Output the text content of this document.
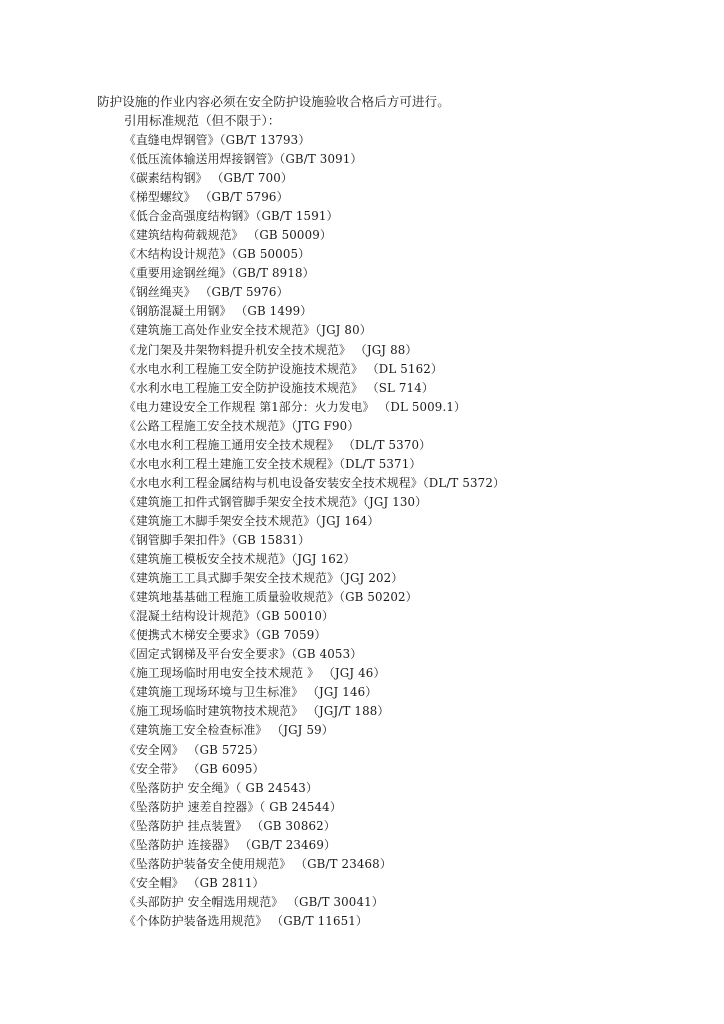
防护设施的作业内容必须在安全防护设施验收合格后方可进行。
引用标准规范（但不限于）：
《直缝电焊钢管》（GB/T 13793）
《低压流体输送用焊接钢管》（GB/T 3091）
《碳素结构钢》 （GB/T 700）
《梯型螺纹》 （GB/T 5796）
《低合金高强度结构钢》（GB/T 1591）
《建筑结构荷载规范》 （GB 50009）
《木结构设计规范》（GB 50005）
《重要用途钢丝绳》（GB/T 8918）
《钢丝绳夹》 （GB/T 5976）
《钢筋混凝土用钢》 （GB 1499）
《建筑施工高处作业安全技术规范》（JGJ 80）
《龙门架及井架物料提升机安全技术规范》 （JGJ 88）
《水电水利工程施工安全防护设施技术规范》 （DL 5162）
《水利水电工程施工安全防护设施技术规范》 （SL 714）
《电力建设安全工作规程 第1部分：火力发电》 （DL 5009.1）
《公路工程施工安全技术规范》（JTG F90）
《水电水利工程施工通用安全技术规程》 （DL/T 5370）
《水电水利工程土建施工安全技术规程》（DL/T 5371）
《水电水利工程金属结构与机电设备安装安全技术规程》（DL/T 5372）
《建筑施工扣件式钢管脚手架安全技术规范》（JGJ 130）
《建筑施工木脚手架安全技术规范》（JGJ 164）
《钢管脚手架扣件》（GB 15831）
《建筑施工模板安全技术规范》（JGJ 162）
《建筑施工工具式脚手架安全技术规范》（JGJ 202）
《建筑地基基础工程施工质量验收规范》（GB 50202）
《混凝土结构设计规范》（GB 50010）
《便携式木梯安全要求》（GB 7059）
《固定式钢梯及平台安全要求》（GB 4053）
《施工现场临时用电安全技术规范 》 （JGJ 46）
《建筑施工现场环境与卫生标准》 （JGJ 146）
《施工现场临时建筑物技术规范》 （JGJ/T 188）
《建筑施工安全检查标准》 （JGJ 59）
《安全网》 （GB 5725）
《安全带》 （GB 6095）
《坠落防护 安全绳》（ GB 24543）
《坠落防护 速差自控器》（ GB 24544）
《坠落防护 挂点装置》 （GB 30862）
《坠落防护 连接器》 （GB/T 23469）
《坠落防护装备安全使用规范》 （GB/T 23468）
《安全帽》 （GB 2811）
《头部防护 安全帽选用规范》 （GB/T 30041）
《个体防护装备选用规范》 （GB/T 11651）
